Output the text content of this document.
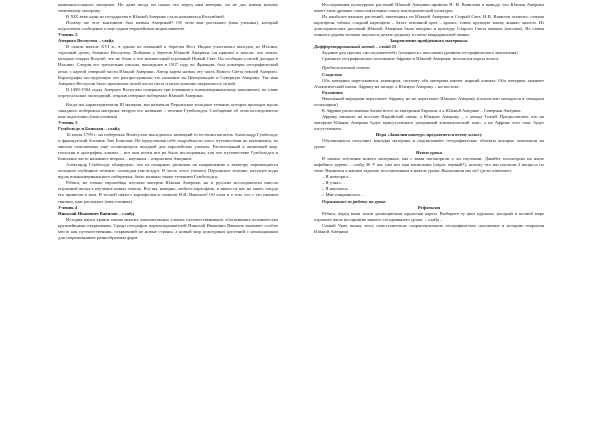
каменноугольного материка. Но даже когда он понял что перед ним материк, он не дал имени новому земельному материку.

В XIX веке один из государства в Южной Америке стало называться Колумбией.

Почему же этот континент был назван Америкой? Об этом вам расскажет (имя ученика), который подготовил сообщение о еще одном европейском мореплавателе.

Ученик 2

Америго Веспуччи – слайд

В самом начале XVI в., в одном из плаваний к берегам Вест Индии участвовал выходец из Италии, торговый делец Америго Веспуччи. Побывав у берегов Южной Америки, он пришел к мысли, что земли, которые открыл Колумб, это не Азия, а что неизвестный огромный Новый Свет. Он сообщил о своей догадке в Италию. Следом его трехлетние письма, вышедшее в 1507 году во Франции, был помещен географический атлас с картой северной части Южной Америки. Автор карты назвал эту часть Нового Света землей Америго. Картографы последующих лет распространили это название на Центральную и Северную Америку. Так имя Америго Веспуччи было присвоено целой части света и незаслуженно закрепилось за ней.

В 1499-1504 годах Америго Веспуччи совершил три плавания к южноамериканскому континенту по главе португальских экспедиций, открыв северное побережье Южной Америки.

Когда мы характеризовали III материк, мы называли Перуанское холодное течение, которое проходит вдоль западного побережья материка, вторую его название – течение Гумбольдта. Сообщение об этом исследователе нам подготовил (имя ученика)

Ученик 3

Гумбольдт и Бонплан – слайд

16 июля 1799 г. на побережье Венесуэлы высадились немецкий естествоиспытатель Александр Гумбольдт и французский ботаник Эме Бонплан. Не представляя себе подробности этого путешествия по континенту, во многих отношениях ещё остающемуся загадкой для европейских ученых. Растительный и животный мир, геология и орография, климат – все они почти все не было исследованы, так что путешествие Гумбольдта и Бонплана часто называют вторым – научным – открытием Америки.

Александр Гумбольдт обнаружил, что из полярных регионов по направлению к экватору перемещается холодное глубинное течение, охлаждая там воздух. В честь этого учёного Перуанское течение, несущее воды вдоль южноамериканского побережья, было названо также течением Гумбольдта.

Ребята, не только европейцы изучали материк Южная Америка, но и русские исследователи внесли огромный вклад в изучение новых земель. Все вы, наверно, любите картофель, и никто из нас не знает, откуда его привезли к нам. В тесной связи с картофелем и томатов Н.И. Вавилов? Об этом и о том, что с его именем связано, нам расскажет (имя ученика).

Ученик 4

Николай Иванович Вавилов – слайд

История науки хранит имена многих замечательных ученых путешественников, обогативших человечество крупнейшими открытиями. Среди географов первооткрывателей Николай Иванович Вавилов занимает особое место как путешественник, открывший не новые страны, а новый мир культурных растений с неожиданным для современников разнообразием форм.

Исследования культурных растений Южной Америки привели Н. И. Вавилова к выводу, что Южная Америка имеет свои древние самостоятельные очаги земледельческой культуры.

Из наиболее важных растений, завезенных из Южной Америки в Старый Свет, Н.И. Вавилов отметил: семена картофеля, табака, сладкий картофель – батат, земляной орех – арахис, томат, крупную тыкву, ананас, многое. Из доисторических растений Южной Америки было введено в культуру Старого Света маниок (кассава). Из семян хинного дерева человек научился делать редкому и почти мандаринской хинин.

Закрепление пройденного материала.

Дифференцированный метод – слайд 25

Задание для группы «исследователей» (учащиеся с высокими уровнем географического мышления)

Сравните географическое положение Африки и Южной Америки, используя карты атласа.

Предполагаемый ответ:

Сходства:

Оба материка пересекаются экватором, поэтому оба материка имеют жаркий климат. Оба материка омывает Атлантический океан. Африку на западе, а Южную Америку – на востоке.

Различия:

Начальный меридиан пересекает Африку, но не пересекает Южную Америку (полностью находится в западном полушарии)

К Африке расположены ближе всего из материков Евразия, а к Южной Америке – Северная Америка.

Африку омывает на востоке Индийский океан, а Южную Америку – с запада Тихий. Предполагаем, что на материке Южная Америка будет присутствовать умеренный климатический пояс, а на Африке этот пояс будет отсутствовать.

Игра «Заполни контур» предлагается всему классу

Обучающиеся получают контуры материка и подписывают географические объекты которые заполнили на уроке.

Итоги урока

В начале изучения нового материала, мы с вами поговорили о ли изучении. Давайте посмотрим на наше кофейное дерево – слайд 26 У вас уже нет при написания (опрос первый?), потому что мы изучили 2 вопроса по теме. Вернемся к нашим задачам, поставленным в начале урока. Выполнили мы их? (дети отвечают)

– Я повторил…

– Я узнал…

– Я научился…

– Мне понравилось…

Оценивание за работу на уроке.

Рефлексия

Ребята, перед вами лежат разноцветные кружочки карты. Выберите ту цвет кружков, который в полной мере отражает ваше восприятие нашего сегодняшнего урока. – слайд –

Самый Урок понял, могу самостоятельно охарактеризовать географическое положение и историю открытия Южной Америки
